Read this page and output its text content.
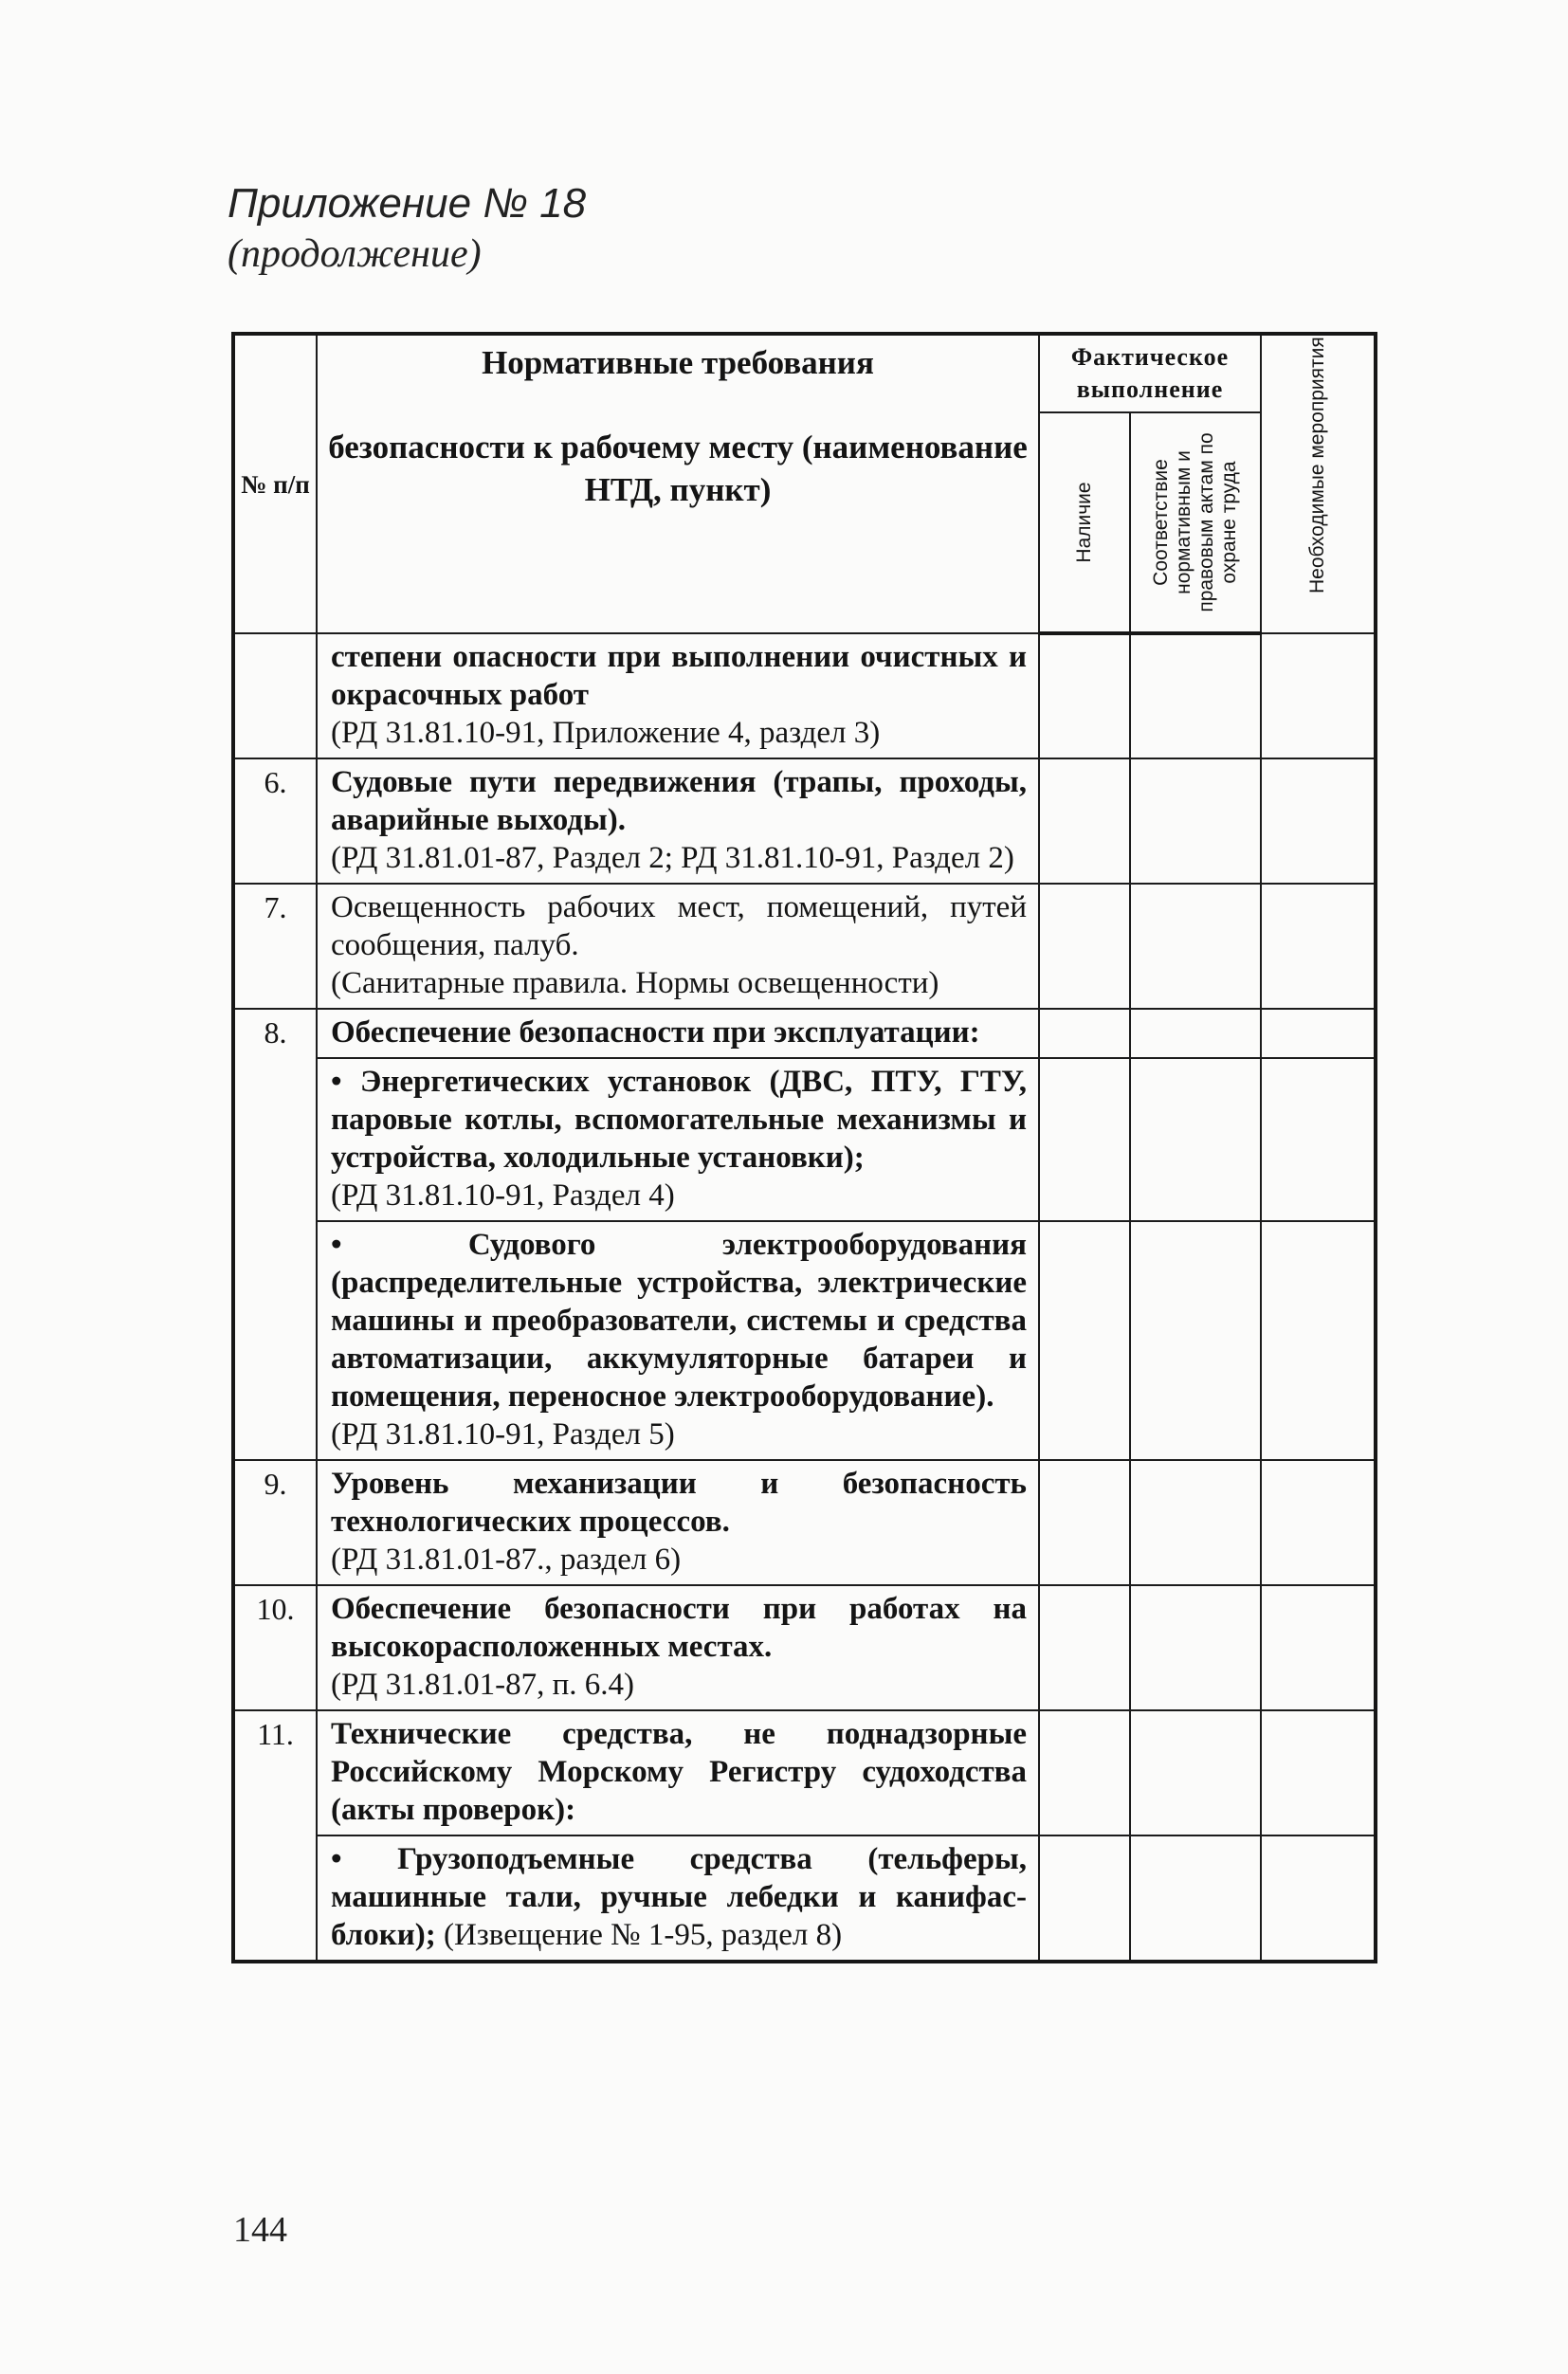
Приложение № 18
(продолжение)
№ п/п	Нормативные требования
безопасности к рабочему месту (наименование НТД, пункт)	Фактическое выполнение		Необходимые мероприятия

		Наличие	Соответствие нормативным и правовым актам по охране труда	

	степени опасности при выполнении очистных и окрасочных работ
(РД 31.81.10-91, Приложение 4, раздел 3)			

6.	Судовые пути передвижения (трапы, проходы, аварийные выходы).
(РД 31.81.01-87, Раздел 2; РД 31.81.10-91, Раздел 2)			

7.	Освещенность рабочих мест, помещений, путей сообщения, палуб.
(Санитарные правила. Нормы освещенности)			

8.	Обеспечение безопасности при эксплуатации:			
	• Энергетических установок (ДВС, ПТУ, ГТУ, паровые котлы, вспомогательные механизмы и устройства, холодильные установки);
(РД 31.81.10-91, Раздел 4)			

	• Судового электрооборудования (распределительные устройства, электрические машины и преобразователи, системы и средства автоматизации, аккумуляторные батареи и помещения, переносное электрооборудование).
(РД 31.81.10-91, Раздел 5)			

9.	Уровень механизации и безопасность технологических процессов.
(РД 31.81.01-87., раздел 6)			

10.	Обеспечение безопасности при работах на высокорасположенных местах.
(РД 31.81.01-87, п. 6.4)			

11.	Технические средства, не поднадзорные Российскому Морскому Регистру судоходства (акты проверок):			
	• Грузоподъемные средства (тельферы, машинные тали, ручные лебедки и канифас-блоки); (Извещение № 1-95, раздел 8)			
144
